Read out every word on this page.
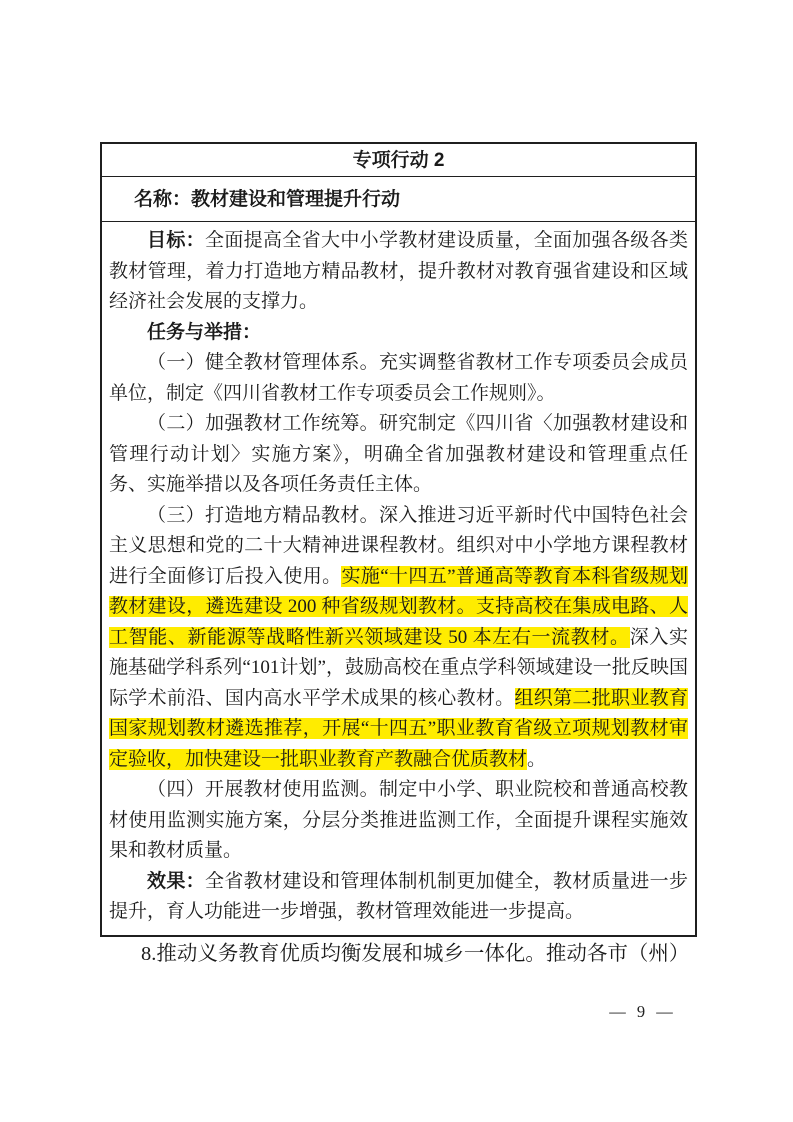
专项行动 2
名称：教材建设和管理提升行动

目标：全面提高全省大中小学教材建设质量，全面加强各级各类教材管理，着力打造地方精品教材，提升教材对教育强省建设和区域经济社会发展的支撑力。

任务与举措：

（一）健全教材管理体系。充实调整省教材工作专项委员会成员单位，制定《四川省教材工作专项委员会工作规则》。

（二）加强教材工作统筹。研究制定《四川省〈加强教材建设和管理行动计划〉实施方案》，明确全省加强教材建设和管理重点任务、实施举措以及各项任务责任主体。

（三）打造地方精品教材。深入推进习近平新时代中国特色社会主义思想和党的二十大精神进课程教材。组织对中小学地方课程教材进行全面修订后投入使用。实施“十四五”普通高等教育本科省级规划教材建设，遴选建设 200 种省级规划教材。支持高校在集成电路、人工智能、新能源等战略性新兴领域建设 50 本左右一流教材。深入实施基础学科系列“101计划”，鼓励高校在重点学科领域建设一批反映国际学术前沿、国内高水平学术成果的核心教材。组织第二批职业教育国家规划教材遴选推荐，开展“十四五”职业教育省级立项规划教材审定验收，加快建设一批职业教育产教融合优质教材。

（四）开展教材使用监测。制定中小学、职业院校和普通高校教材使用监测实施方案，分层分类推进监测工作，全面提升课程实施效果和教材质量。

效果：全省教材建设和管理体制机制更加健全，教材质量进一步提升，育人功能进一步增强，教材管理效能进一步提高。

8.推动义务教育优质均衡发展和城乡一体化。推动各市（州）

— 9 —
